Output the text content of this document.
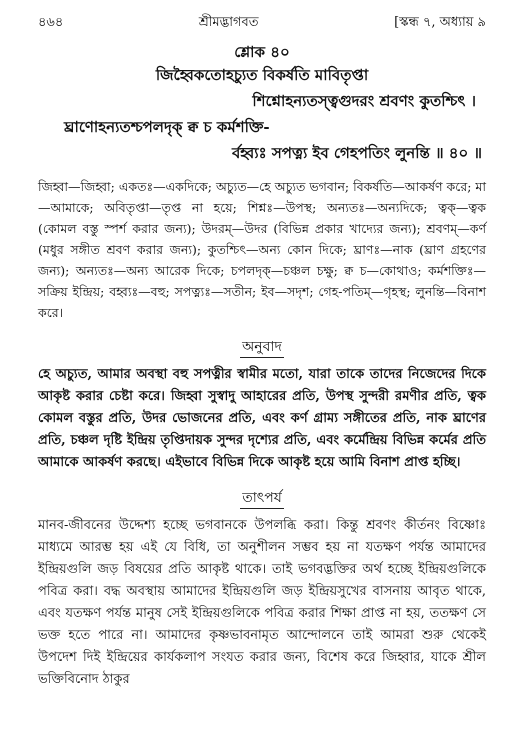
৪৬৪	শ্রীমদ্ভাগবত	[স্কন্ধ ৭, অধ্যায় ৯
শ্লোক ৪০
জিহ্বৈকতোহচ্যুত বিকর্ষতি মাবিতৃপ্তা
শিশ্নোহন্যতস্ত্বগুদরং শ্রবণং কুতশ্চিৎ ।
ঘ্রাণোহন্যতশ্চপলদৃক্ ক্ব চ কর্মশক্তি-
র্বহ্ব্যঃ সপত্ন্য ইব গেহপতিং লুনন্তি ॥ ৪০ ॥
জিহ্বা—জিহ্বা; একতঃ—একদিকে; অচ্যুত—হে অচ্যুত ভগবান; বিকর্ষতি—আকর্ষণ করে; মা—আমাকে; অবিতৃপ্তা—তৃপ্ত না হয়ে; শিশ্নঃ—উপস্থ; অন্যতঃ—অন্যদিকে; ত্বক্—ত্বক (কোমল বস্তু স্পর্শ করার জন্য); উদরম্—উদর (বিভিন্ন প্রকার খাদ্যের জন্য); শ্রবণম্—কর্ণ (মধুর সঙ্গীত শ্রবণ করার জন্য); কুতশ্চিৎ—অন্য কোন দিকে; ঘ্রাণঃ—নাক (ঘ্রাণ গ্রহণের জন্য); অন্যতঃ—অন্য আরেক দিকে; চপলদৃক্—চঞ্চল চক্ষু; ক্ব চ—কোথাও; কর্মশক্তিঃ—সক্রিয় ইন্দ্রিয়; বহ্ব্যঃ—বহু; সপত্ন্যঃ—সতীন; ইব—সদৃশ; গেহ-পতিম্—গৃহস্থ; লুনন্তি—বিনাশ করে।
অনুবাদ
হে অচ্যুত, আমার অবস্থা বহু সপত্নীর স্বামীর মতো, যারা তাকে তাদের নিজেদের দিকে আকৃষ্ট করার চেষ্টা করে। জিহ্বা সুস্বাদু আহারের প্রতি, উপস্থ সুন্দরী রমণীর প্রতি, ত্বক কোমল বস্তুর প্রতি, উদর ভোজনের প্রতি, এবং কর্ণ গ্রাম্য সঙ্গীতের প্রতি, নাক ঘ্রাণের প্রতি, চঞ্চল দৃষ্টি ইন্দ্রিয় তৃপ্তিদায়ক সুন্দর দৃশ্যের প্রতি, এবং কর্মেন্দ্রিয় বিভিন্ন কর্মের প্রতি আমাকে আকর্ষণ করছে। এইভাবে বিভিন্ন দিকে আকৃষ্ট হয়ে আমি বিনাশ প্রাপ্ত হচ্ছি।
তাৎপর্য
মানব-জীবনের উদ্দেশ্য হচ্ছে ভগবানকে উপলব্ধি করা। কিন্তু শ্রবণং কীর্তনং বিষ্ণোঃ মাধ্যমে আরম্ভ হয় এই যে বিধি, তা অনুশীলন সম্ভব হয় না যতক্ষণ পর্যন্ত আমাদের ইন্দ্রিয়গুলি জড় বিষয়ের প্রতি আকৃষ্ট থাকে। তাই ভগবদ্ভক্তির অর্থ হচ্ছে ইন্দ্রিয়গুলিকে পবিত্র করা। বদ্ধ অবস্থায় আমাদের ইন্দ্রিয়গুলি জড় ইন্দ্রিয়সুখের বাসনায় আবৃত থাকে, এবং যতক্ষণ পর্যন্ত মানুষ সেই ইন্দ্রিয়গুলিকে পবিত্র করার শিক্ষা প্রাপ্ত না হয়, ততক্ষণ সে ভক্ত হতে পারে না। আমাদের কৃষ্ণভাবনামৃত আন্দোলনে তাই আমরা শুরু থেকেই উপদেশ দিই ইন্দ্রিয়ের কার্যকলাপ সংযত করার জন্য, বিশেষ করে জিহ্বার, যাকে শ্রীল ভক্তিবিনোদ ঠাকুর
